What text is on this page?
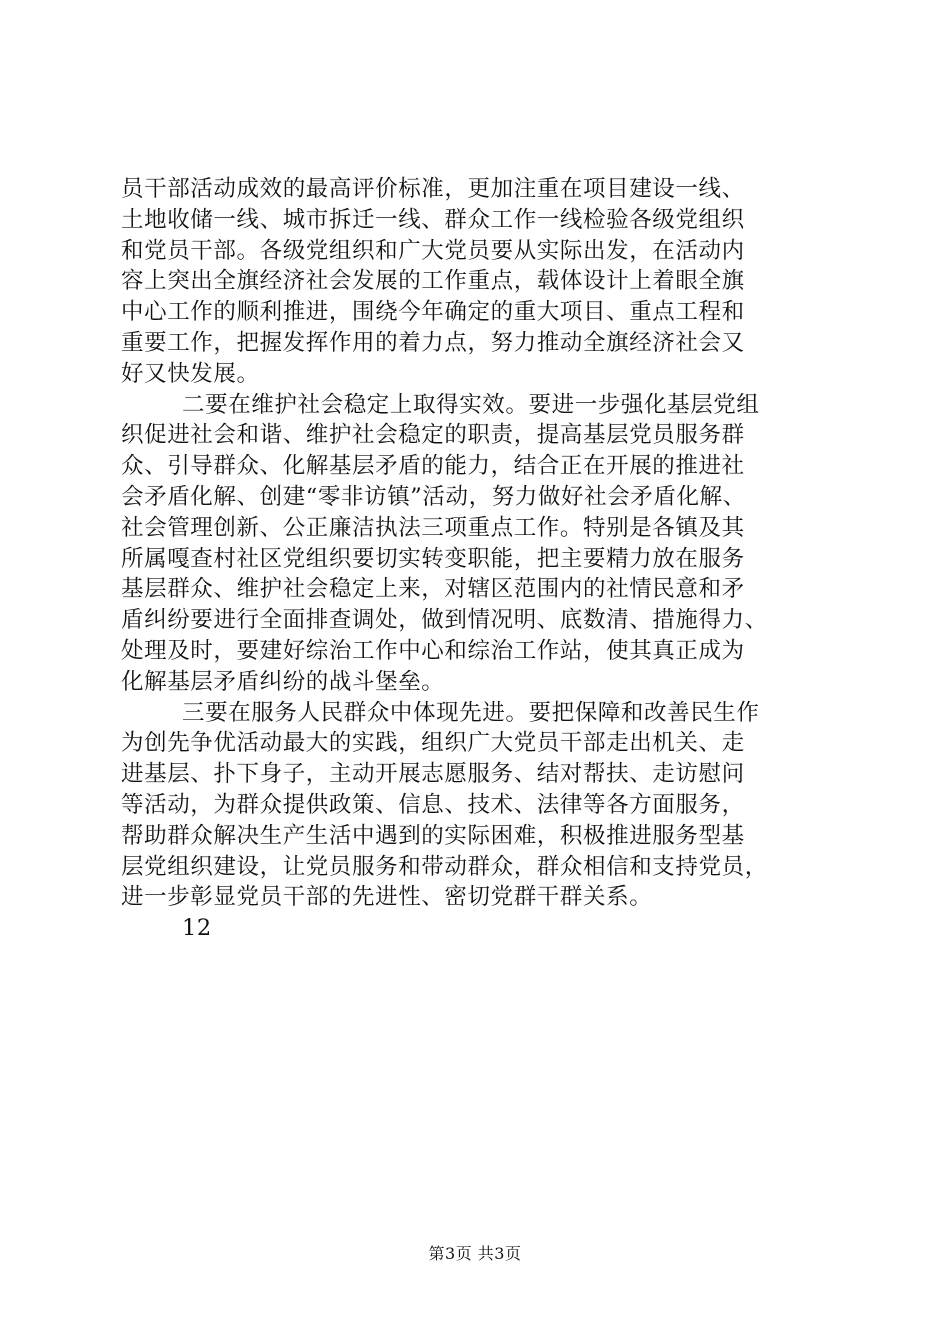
员干部活动成效的最高评价标准，更加注重在项目建设一线、
土地收储一线、城市拆迁一线、群众工作一线检验各级党组织
和党员干部。各级党组织和广大党员要从实际出发，在活动内
容上突出全旗经济社会发展的工作重点，载体设计上着眼全旗
中心工作的顺利推进，围绕今年确定的重大项目、重点工程和
重要工作，把握发挥作用的着力点，努力推动全旗经济社会又
好又快发展。
二要在维护社会稳定上取得实效。要进一步强化基层党组
织促进社会和谐、维护社会稳定的职责，提高基层党员服务群
众、引导群众、化解基层矛盾的能力，结合正在开展的推进社
会矛盾化解、创建“零非访镇”活动，努力做好社会矛盾化解、
社会管理创新、公正廉洁执法三项重点工作。特别是各镇及其
所属嘎查村社区党组织要切实转变职能，把主要精力放在服务
基层群众、维护社会稳定上来，对辖区范围内的社情民意和矛
盾纠纷要进行全面排查调处，做到情况明、底数清、措施得力、
处理及时，要建好综治工作中心和综治工作站，使其真正成为
化解基层矛盾纠纷的战斗堡垒。
三要在服务人民群众中体现先进。要把保障和改善民生作
为创先争优活动最大的实践，组织广大党员干部走出机关、走
进基层、扑下身子，主动开展志愿服务、结对帮扶、走访慰问
等活动，为群众提供政策、信息、技术、法律等各方面服务，
帮助群众解决生产生活中遇到的实际困难，积极推进服务型基
层党组织建设，让党员服务和带动群众，群众相信和支持党员，
进一步彰显党员干部的先进性、密切党群干群关系。
12
第3页 共3页
